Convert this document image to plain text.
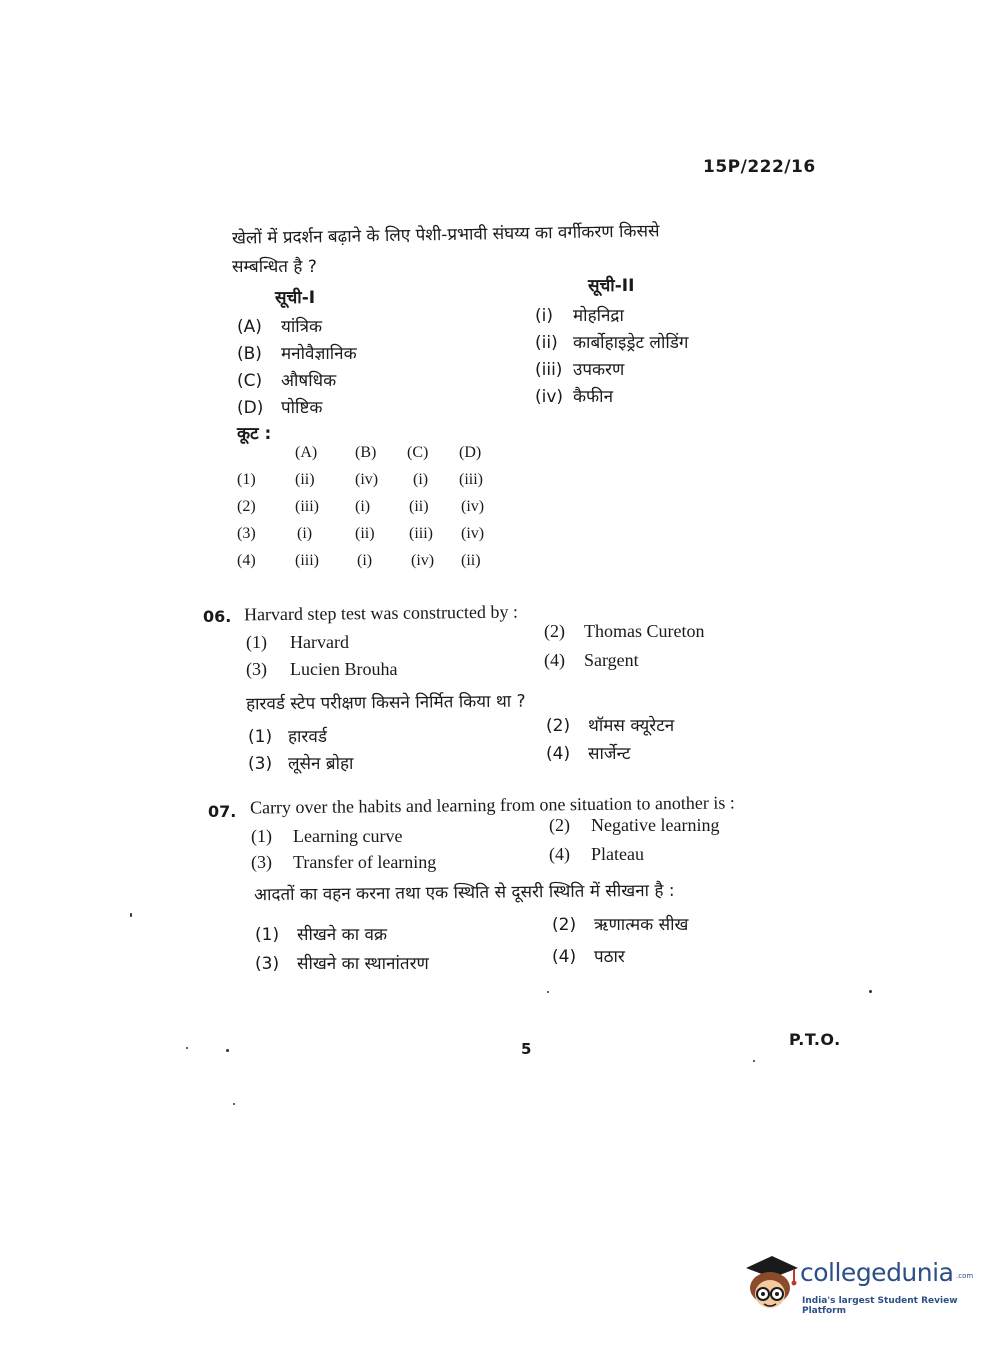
15P/222/16
खेलों में प्रदर्शन बढ़ाने के लिए पेशी-प्रभावी संघय्य का वर्गीकरण किससे
सम्बन्धित है ?
सूची-I
सूची-II
(A) यांत्रिक
(B) मनोवैज्ञानिक
(C) औषधिक
(D) पोष्टिक
(i) मोहनिद्रा
(ii) कार्बोहाइड्रेट लोडिंग
(iii) उपकरण
(iv) कैफीन
कूट :
(A) (B) (C) (D)
(1) (ii)	(iv) (i) (iii)
(2) (iii) (i) (ii) (iv)
(3)	(i)	(ii) (iii) (iv)
(4) (iii) (i) (iv) (ii)
06. Harvard step test was constructed by :
(1) Harvard
(2) Thomas Cureton
(3) Lucien Brouha	(4) Sargent
हारवर्ड स्टेप परीक्षण किसने निर्मित किया था ?
(1) हारवर्ड
(2) थॉमस क्यूरेटन
(3) लूसेन ब्रोहा	(4) सार्जेन्ट
07. Carry over the habits and learning from one situation to another is :
(1) Learning curve
(2) Negative learning
(3) Transfer of learning	(4) Plateau
आदतों का वहन करना तथा एक स्थिति से दूसरी स्थिति में सीखना है :
(1) सीखने का वक्र	(2) ऋणात्मक सीख
(3) सीखने का स्थानांतरण	(4) पठार
5	P.T.O.
collegedunia .com
India's largest Student Review Platform
